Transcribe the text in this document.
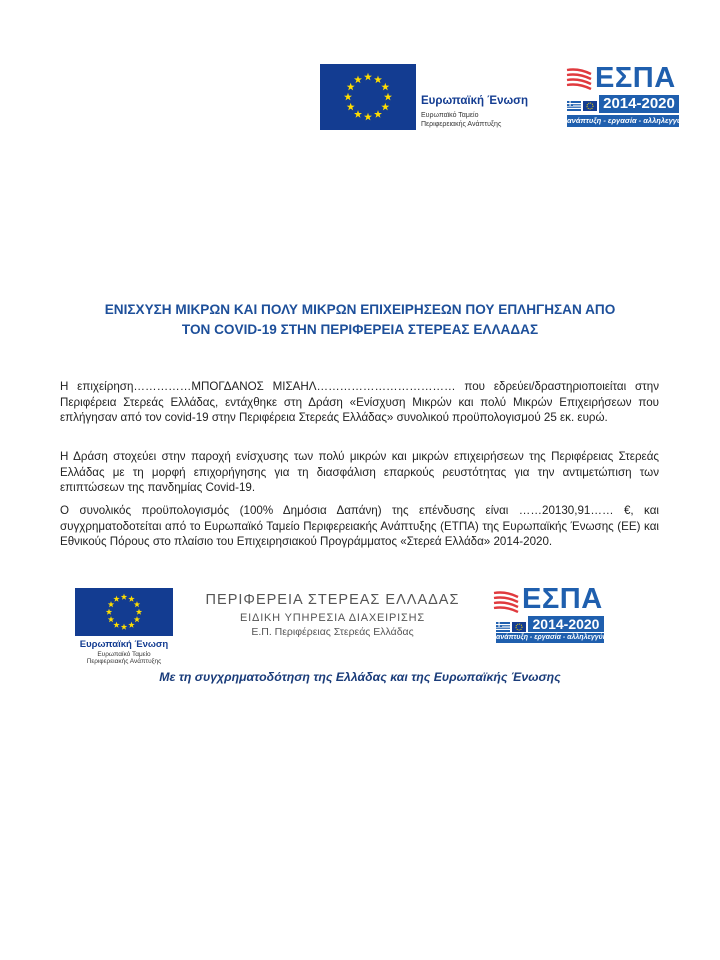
Ευρωπαϊκή Ένωση
Ευρωπαϊκό Ταμείο
Περιφερειακής Ανάπτυξης
ΕΣΠΑ
2014-2020
ανάπτυξη - εργασία - αλληλεγγύη
ΕΝΙΣΧΥΣΗ ΜΙΚΡΩΝ ΚΑΙ ΠΟΛΥ ΜΙΚΡΩΝ ΕΠΙΧΕΙΡΗΣΕΩΝ ΠΟΥ ΕΠΛΗΓΗΣΑΝ ΑΠΟ
ΤΟΝ COVID-19 ΣΤΗΝ ΠΕΡΙΦΕΡΕΙΑ ΣΤΕΡΕΑΣ ΕΛΛΑΔΑΣ
Η επιχείρηση……………ΜΠΟΓΔΑΝΟΣ ΜΙΣΑΗΛ……………………………… που εδρεύει/δραστηριοποιείται στην Περιφέρεια Στερεάς Ελλάδας, εντάχθηκε στη Δράση «Ενίσχυση Μικρών και πολύ Μικρών Επιχειρήσεων που επλήγησαν από τον covid-19 στην Περιφέρεια Στερεάς Ελλάδας» συνολικού προϋπολογισμού 25 εκ. ευρώ.
Η Δράση στοχεύει στην παροχή ενίσχυσης των πολύ μικρών και μικρών επιχειρήσεων της Περιφέρειας Στερεάς Ελλάδας με τη μορφή επιχορήγησης για τη διασφάλιση επαρκούς ρευστότητας για την αντιμετώπιση των επιπτώσεων της πανδημίας Covid-19.
Ο συνολικός προϋπολογισμός (100% Δημόσια Δαπάνη) της επένδυσης είναι ……20130,91…… €, και συγχρηματοδοτείται από το Ευρωπαϊκό Ταμείο Περιφερειακής Ανάπτυξης (ΕΤΠΑ) της Ευρωπαϊκής Ένωσης (ΕΕ) και Εθνικούς Πόρους στο πλαίσιο του Επιχειρησιακού Προγράμματος «Στερεά Ελλάδα» 2014-2020.
Ευρωπαϊκή Ένωση
Ευρωπαϊκό Ταμείο
Περιφερειακής Ανάπτυξης
ΠΕΡΙΦΕΡΕΙΑ ΣΤΕΡΕΑΣ ΕΛΛΑΔΑΣ
ΕΙΔΙΚΗ ΥΠΗΡΕΣΙΑ ΔΙΑΧΕΙΡΙΣΗΣ
Ε.Π. Περιφέρειας Στερεάς Ελλάδας
ΕΣΠΑ
2014-2020
ανάπτυξη - εργασία - αλληλεγγύη
Με τη συγχρηματοδότηση της Ελλάδας και της Ευρωπαϊκής Ένωσης
